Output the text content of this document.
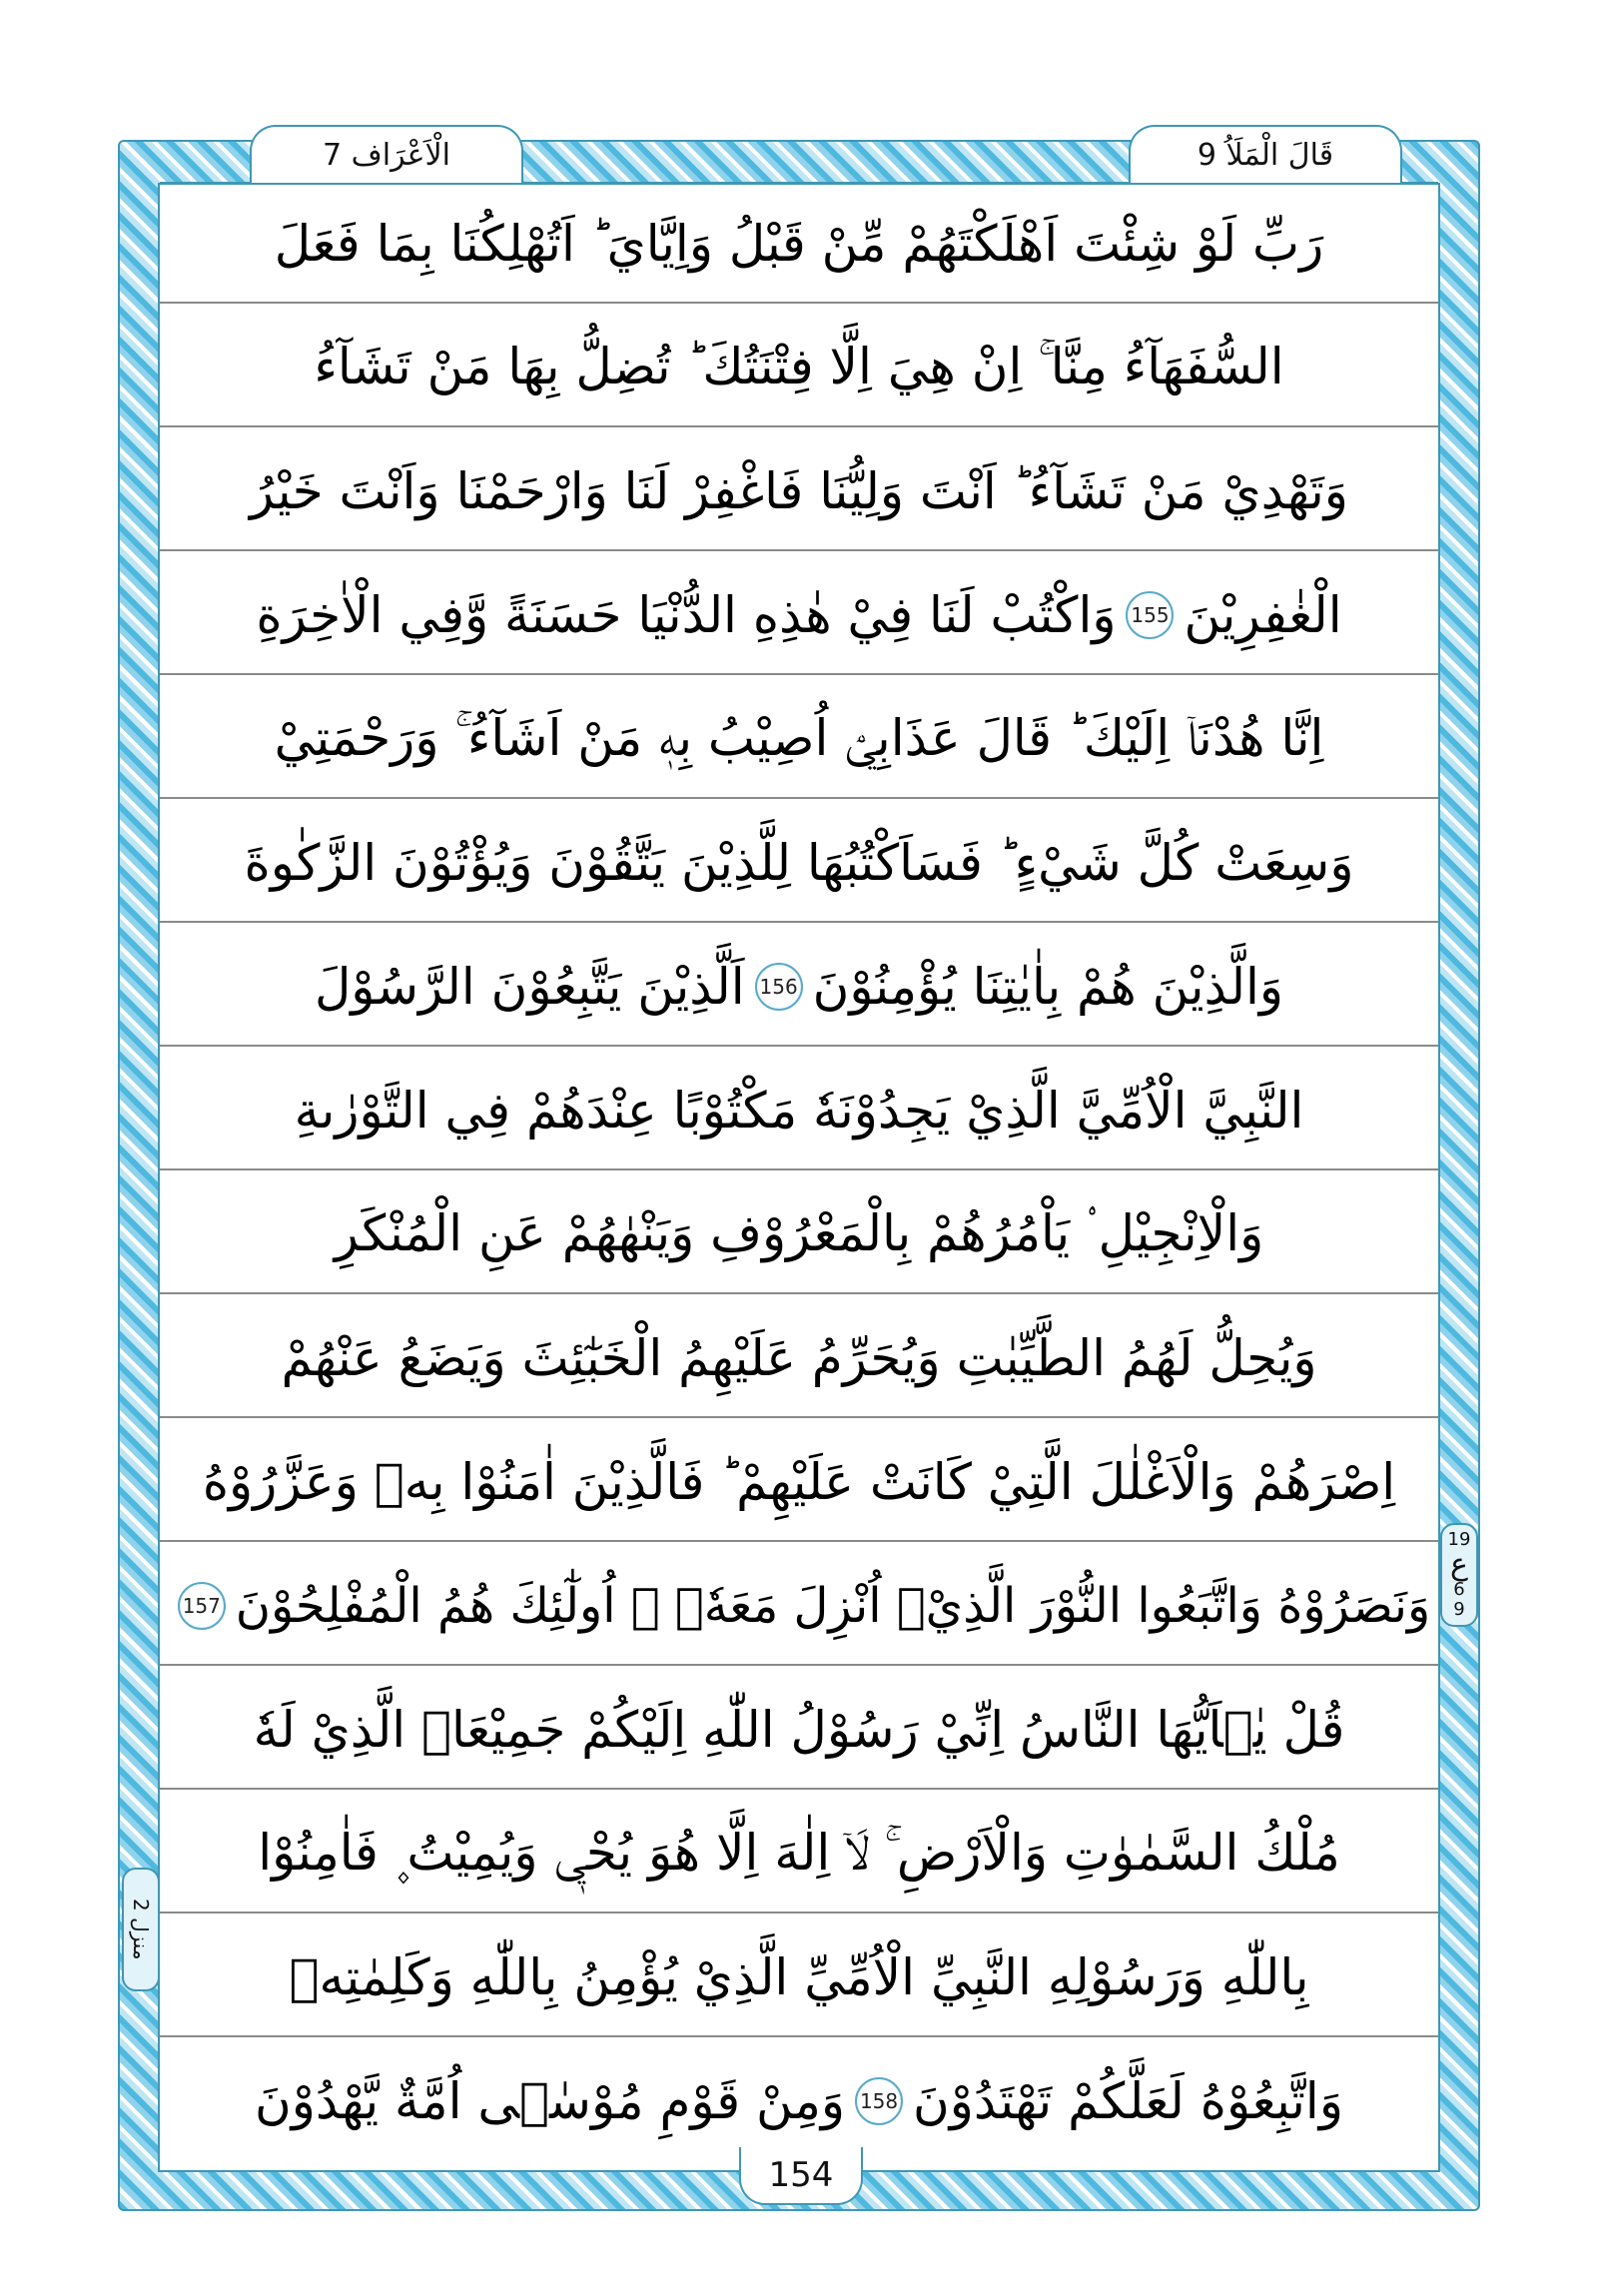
الْاَعْرَاف 7	قَالَ الْمَلَاُ 9
رَبِّ لَوْ شِئْتَ اَهْلَكْتَهُمْ مِّنْ قَبْلُ وَاِيَّايَ ؕ اَتُهْلِكُنَا بِمَا فَعَلَ
السُّفَهَآءُ مِنَّا ۚ اِنْ هِيَ اِلَّا فِتْنَتُكَ ؕ تُضِلُّ بِهَا مَنْ تَشَآءُ
وَتَهْدِيْ مَنْ تَشَآءُ ؕ اَنْتَ وَلِيُّنَا فَاغْفِرْ لَنَا وَارْحَمْنَا وَاَنْتَ خَيْرُ
الْغٰفِرِيْنَ
155
وَاكْتُبْ لَنَا فِيْ هٰذِهِ الدُّنْيَا حَسَنَةً وَّفِي الْاٰخِرَةِ
اِنَّا هُدْنَاۤ اِلَيْكَ ؕ قَالَ عَذَابِيْۤ اُصِيْبُ بِهٖ مَنْ اَشَآءُ ۚ وَرَحْمَتِيْ
وَسِعَتْ كُلَّ شَيْءٍ ؕ فَسَاَكْتُبُهَا لِلَّذِيْنَ يَتَّقُوْنَ وَيُؤْتُوْنَ الزَّكٰوةَ
وَالَّذِيْنَ هُمْ بِاٰيٰتِنَا يُؤْمِنُوْنَ
156
اَلَّذِيْنَ يَتَّبِعُوْنَ الرَّسُوْلَ
النَّبِيَّ الْاُمِّيَّ الَّذِيْ يَجِدُوْنَهٗ مَكْتُوْبًا عِنْدَهُمْ فِي التَّوْرٰىةِ
وَالْاِنْجِيْلِ ۟ يَاْمُرُهُمْ بِالْمَعْرُوْفِ وَيَنْهٰهُمْ عَنِ الْمُنْكَرِ
وَيُحِلُّ لَهُمُ الطَّيِّبٰتِ وَيُحَرِّمُ عَلَيْهِمُ الْخَبٰٓئِثَ وَيَضَعُ عَنْهُمْ
اِصْرَهُمْ وَالْاَغْلٰلَ الَّتِيْ كَانَتْ عَلَيْهِمْ ؕ فَالَّذِيْنَ اٰمَنُوْا بِهٖ وَعَزَّرُوْهُ
وَنَصَرُوْهُ وَاتَّبَعُوا النُّوْرَ الَّذِيْۤ اُنْزِلَ مَعَهٗۤ ۙ اُولٰٓئِكَ هُمُ الْمُفْلِحُوْنَ
157
قُلْ يٰۤاَيُّهَا النَّاسُ اِنِّيْ رَسُوْلُ اللّٰهِ اِلَيْكُمْ جَمِيْعَاۨ الَّذِيْ لَهٗ
مُلْكُ السَّمٰوٰتِ وَالْاَرْضِ ۚ لَاۤ اِلٰهَ اِلَّا هُوَ يُحْيٖ وَيُمِيْتُ ۪ فَاٰمِنُوْا
بِاللّٰهِ وَرَسُوْلِهِ النَّبِيِّ الْاُمِّيِّ الَّذِيْ يُؤْمِنُ بِاللّٰهِ وَكَلِمٰتِهٖ
وَاتَّبِعُوْهُ لَعَلَّكُمْ تَهْتَدُوْنَ
158
وَمِنْ قَوْمِ مُوْسٰۤى اُمَّةٌ يَّهْدُوْنَ
19
ع
6
9
منزل 2
154
